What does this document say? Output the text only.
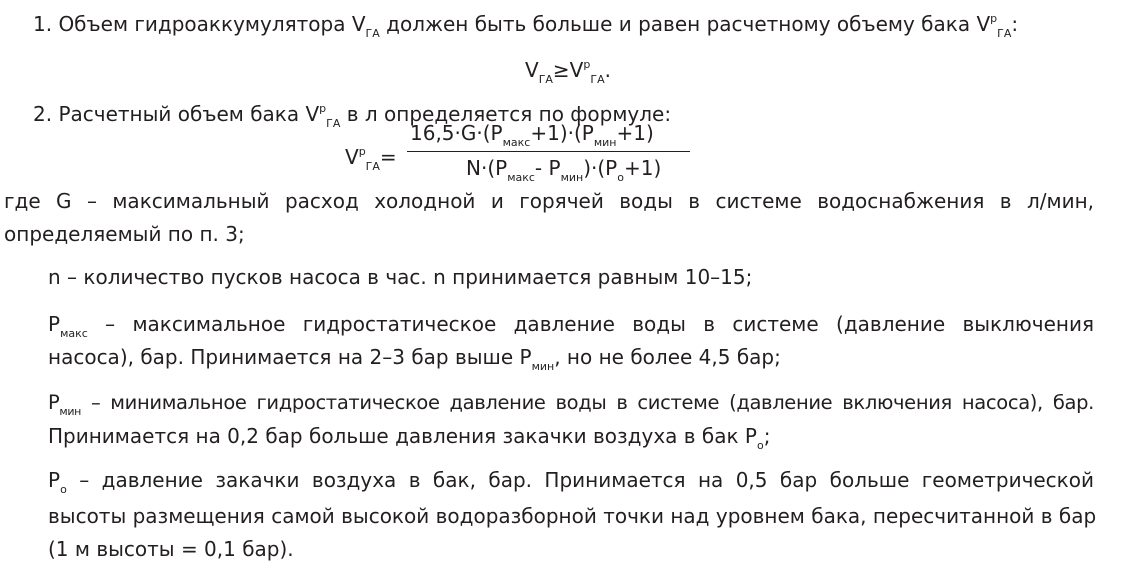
1. Объем гидроаккумулятора $V_{ГА}$ должен быть больше и равен расчетному объему бака $V^р_{ГА}$:
$V_{ГА}\ge V^р_{ГА}$.
2. Расчетный объем бака $V^р_{ГА}$ в л определяется по формуле:
$V^р_{ГА}=$
$16,5\cdot G\cdot(P_{макс}+1)\cdot(P_{мин}+1)$
$N\cdot(P_{макс}-$ $P_{мин})\cdot(P_о+1)$
где G – максимальный расход холодной и горячей воды в системе водоснабжения в л/мин,
определяемый по п. 3;
n – количество пусков насоса в час. n принимается равным 10–15;
$P_{макс}$ – максимальное гидростатическое давление воды в системе (давление выключения
насоса), бар. Принимается на 2–3 бар выше $P_{мин}$, но не более 4,5 бар;
$P_{мин}$ – минимальное гидростатическое давление воды в системе (давление включения насоса), бар.
Принимается на 0,2 бар больше давления закачки воздуха в бак $P_о$;
$P_о$ – давление закачки воздуха в бак, бар. Принимается на 0,5 бар больше геометрической
высоты размещения самой высокой водоразборной точки над уровнем бака, пересчитанной в бар
(1 м высоты = 0,1 бар).
